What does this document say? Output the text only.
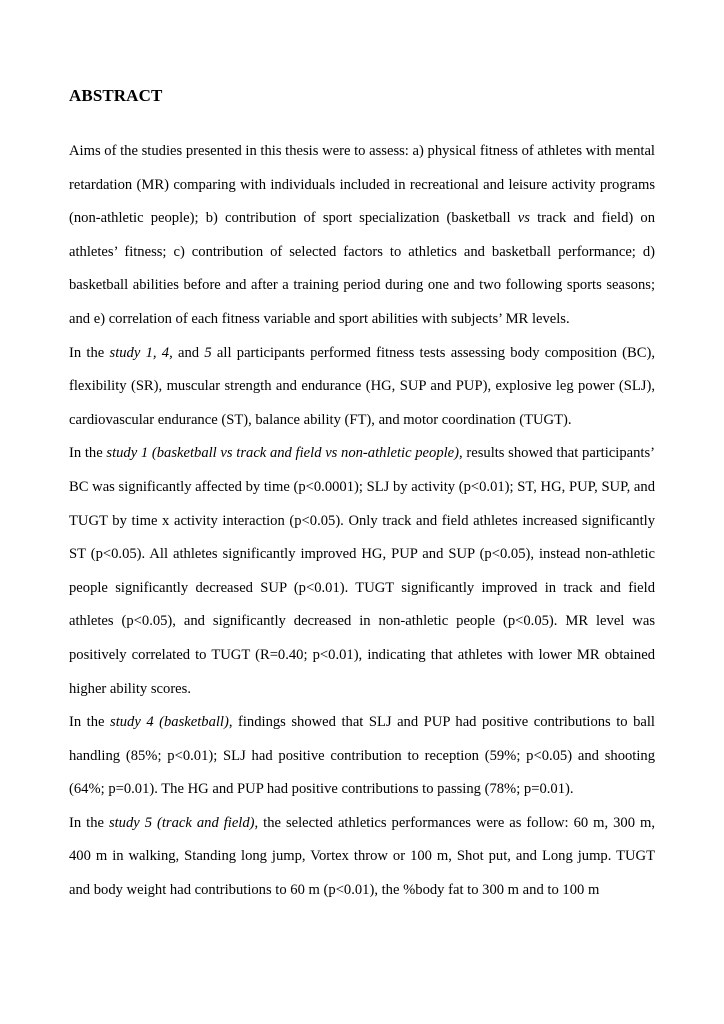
ABSTRACT

Aims of the studies presented in this thesis were to assess: a) physical fitness of athletes with mental retardation (MR) comparing with individuals included in recreational and leisure activity programs (non-athletic people); b) contribution of sport specialization (basketball vs track and field) on athletes’ fitness; c) contribution of selected factors to athletics and basketball performance; d) basketball abilities before and after a training period during one and two following sports seasons; and e) correlation of each fitness variable and sport abilities with subjects’ MR levels.

In the study 1, 4, and 5 all participants performed fitness tests assessing body composition (BC), flexibility (SR), muscular strength and endurance (HG, SUP and PUP), explosive leg power (SLJ), cardiovascular endurance (ST), balance ability (FT), and motor coordination (TUGT).

In the study 1 (basketball vs track and field vs non-athletic people), results showed that participants’ BC was significantly affected by time (p<0.0001); SLJ by activity (p<0.01); ST, HG, PUP, SUP, and TUGT by time x activity interaction (p<0.05). Only track and field athletes increased significantly ST (p<0.05). All athletes significantly improved HG, PUP and SUP (p<0.05), instead non-athletic people significantly decreased SUP (p<0.01). TUGT significantly improved in track and field athletes (p<0.05), and significantly decreased in non-athletic people (p<0.05). MR level was positively correlated to TUGT (R=0.40; p<0.01), indicating that athletes with lower MR obtained higher ability scores.

In the study 4 (basketball), findings showed that SLJ and PUP had positive contributions to ball handling (85%; p<0.01); SLJ had positive contribution to reception (59%; p<0.05) and shooting (64%; p=0.01). The HG and PUP had positive contributions to passing (78%; p=0.01).

In the study 5 (track and field), the selected athletics performances were as follow: 60 m, 300 m, 400 m in walking, Standing long jump, Vortex throw or 100 m, Shot put, and Long jump. TUGT and body weight had contributions to 60 m (p<0.01), the %body fat to 300 m and to 100 m
